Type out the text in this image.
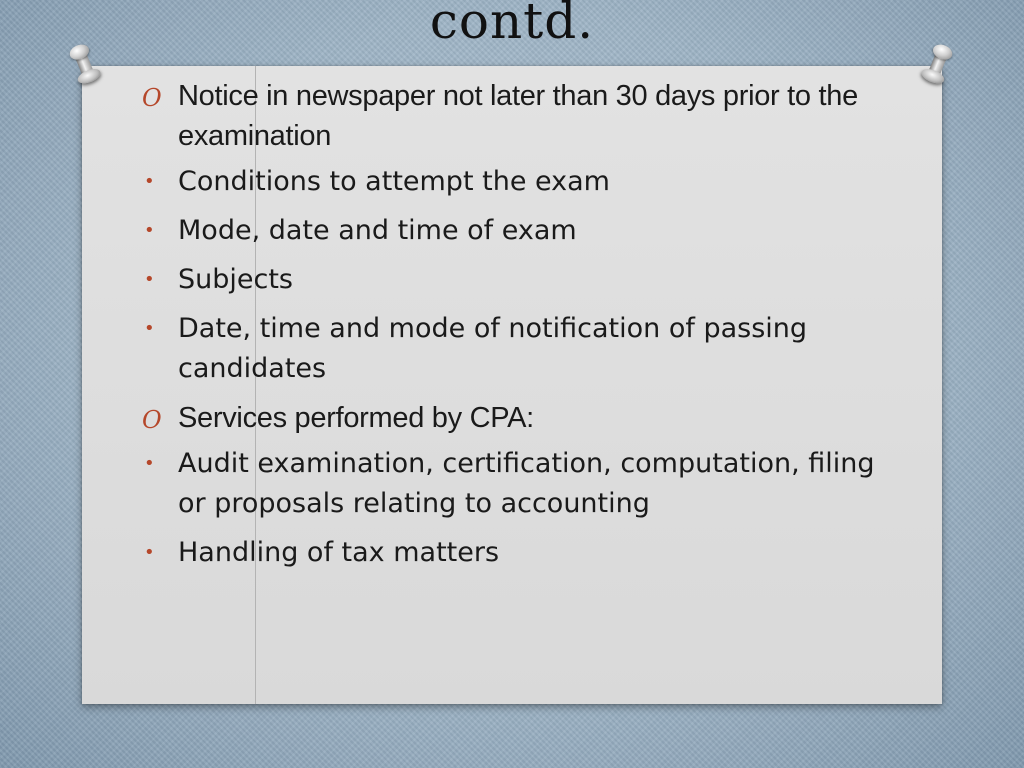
contd.
O Notice in newspaper not later than 30 days prior to the examination
• Conditions to attempt the exam
• Mode, date and time of exam
• Subjects
• Date, time and mode of notification of passing candidates
O Services performed by CPA:
• Audit examination, certification, computation, filing or proposals relating to accounting
• Handling of tax matters
